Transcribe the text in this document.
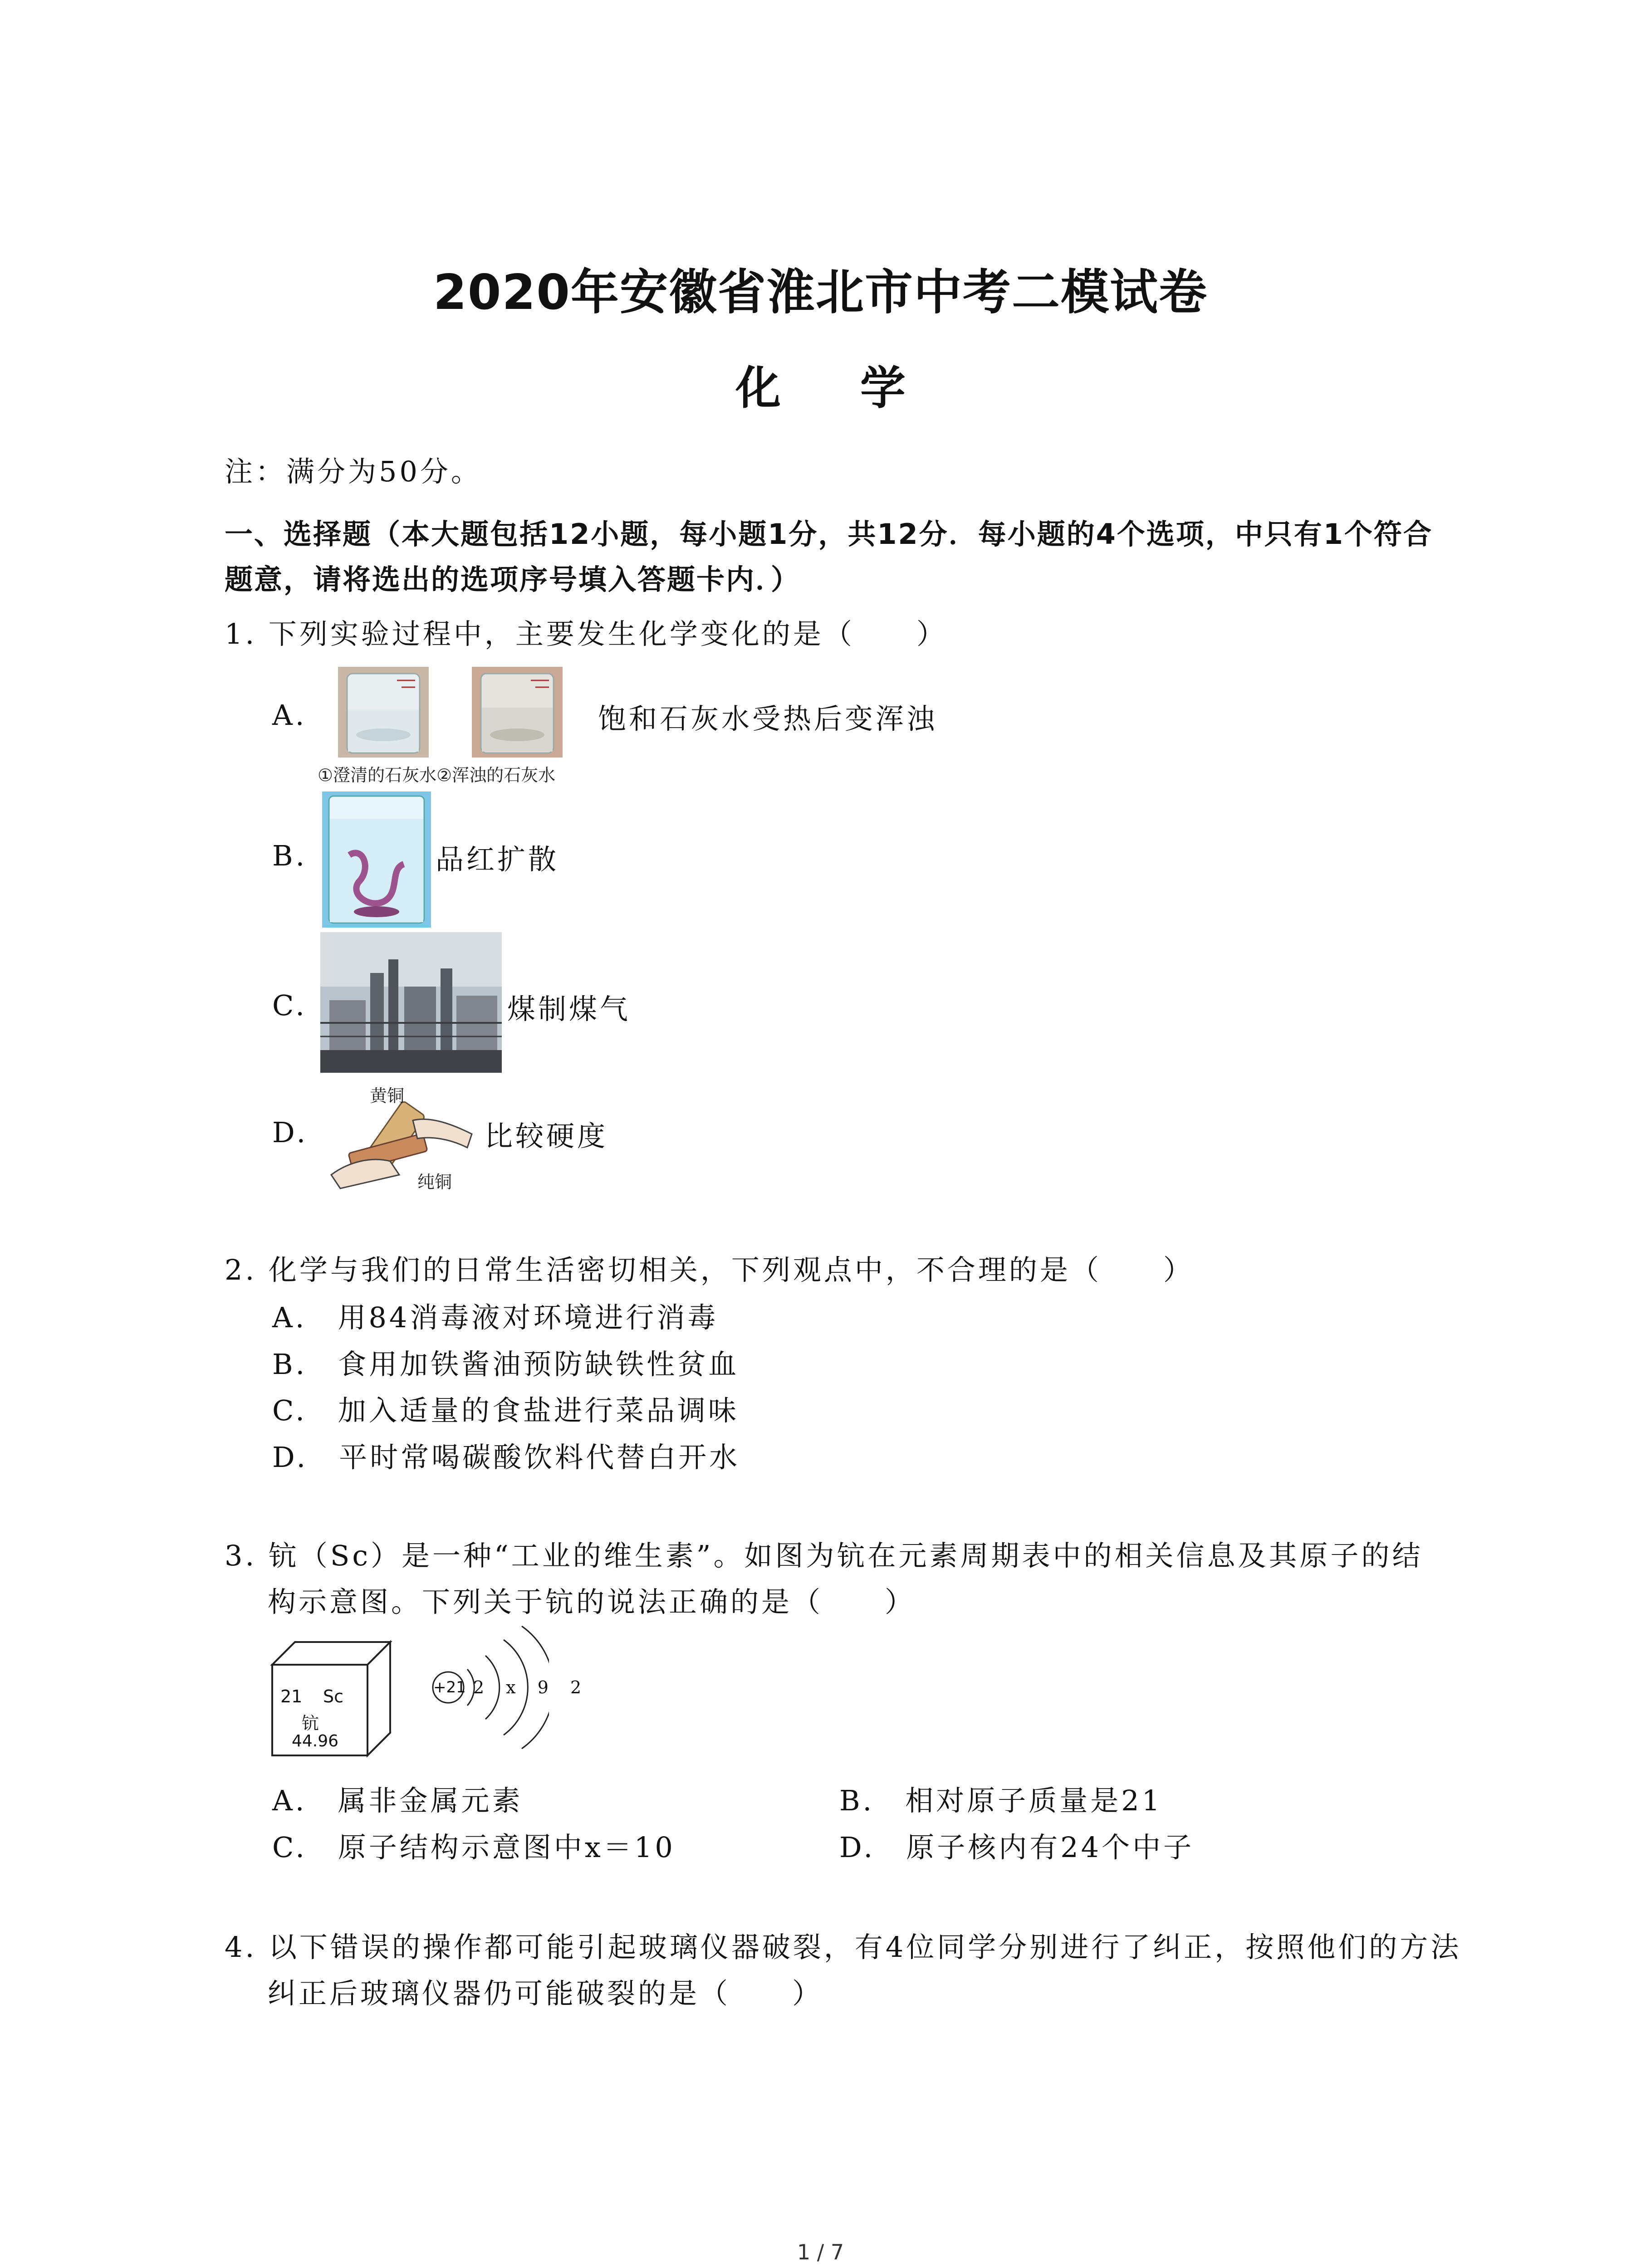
2020年安徽省淮北市中考二模试卷
化 学
注：满分为50分。
一、选择题（本大题包括12小题，每小题1分，共12分．每小题的4个选项，中只有1个符合
题意，请将选出的选项序号填入答题卡内．）
1. 下列实验过程中，主要发生化学变化的是（　　）
A.
①澄清的石灰水②浑浊的石灰水
饱和石灰水受热后变浑浊
B.	品红扩散
C.	煤制煤气
D.
黄铜
纯铜
比较硬度
2. 化学与我们的日常生活密切相关，下列观点中，不合理的是（　　）
A.　用84消毒液对环境进行消毒
B.　食用加铁酱油预防缺铁性贫血
C.　加入适量的食盐进行菜品调味
D.　平时常喝碳酸饮料代替白开水
3. 钪（Sc）是一种“工业的维生素”。如图为钪在元素周期表中的相关信息及其原子的结
构示意图。下列关于钪的说法正确的是（　　）
21 Sc
钪
44.96
+21 2 x 9 2
A.　属非金属元素	B.　相对原子质量是21
C.　原子结构示意图中x＝10	D.　原子核内有24个中子
4. 以下错误的操作都可能引起玻璃仪器破裂，有4位同学分别进行了纠正，按照他们的方法
纠正后玻璃仪器仍可能破裂的是（　　）
1 / 7
